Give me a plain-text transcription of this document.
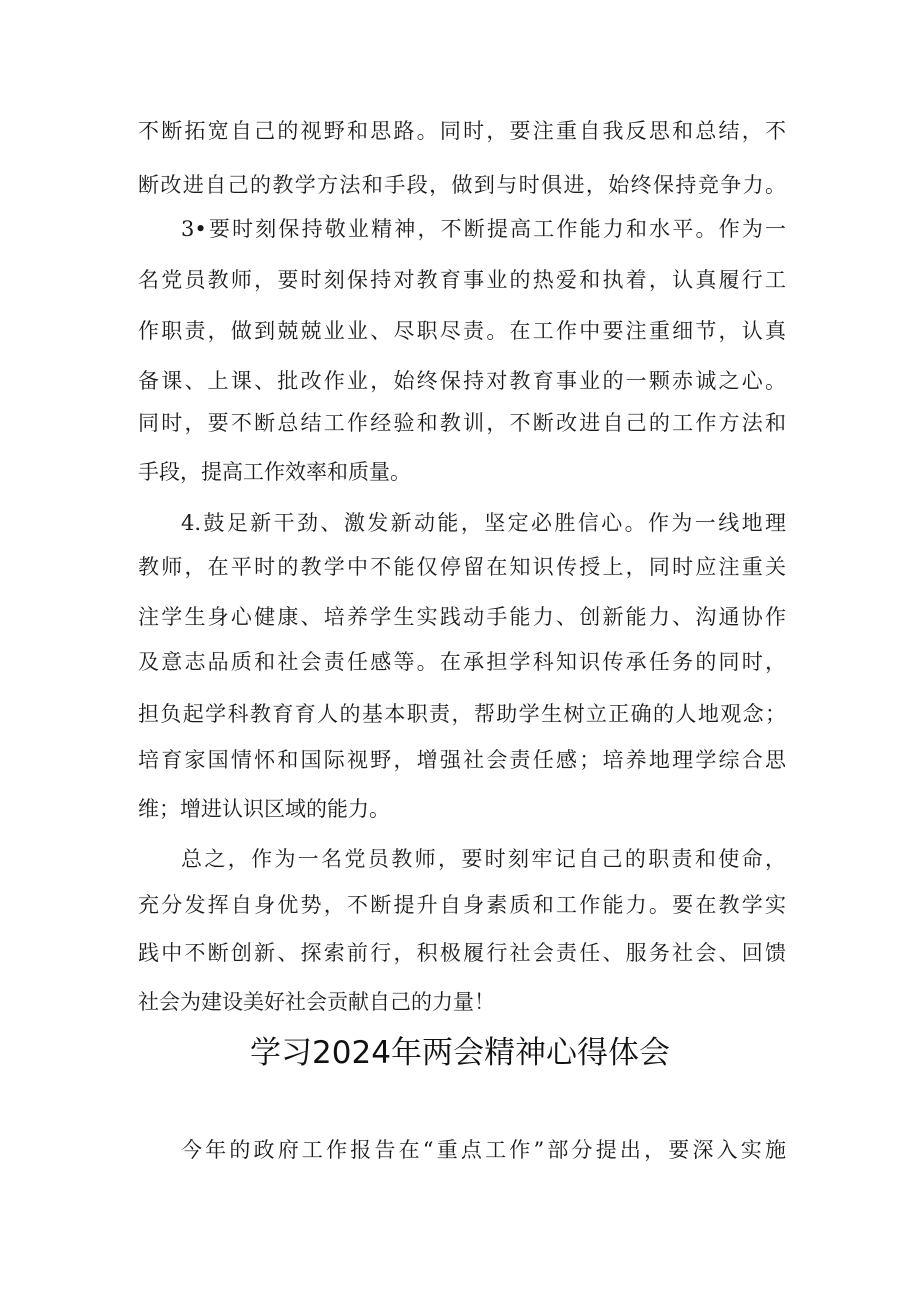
不断拓宽自己的视野和思路。同时，要注重自我反思和总结，不
断改进自己的教学方法和手段，做到与时俱进，始终保持竞争力。
3•要时刻保持敬业精神，不断提高工作能力和水平。作为一
名党员教师，要时刻保持对教育事业的热爱和执着，认真履行工
作职责，做到兢兢业业、尽职尽责。在工作中要注重细节，认真
备课、上课、批改作业，始终保持对教育事业的一颗赤诚之心。
同时，要不断总结工作经验和教训，不断改进自己的工作方法和
手段，提高工作效率和质量。
4.鼓足新干劲、激发新动能，坚定必胜信心。作为一线地理
教师，在平时的教学中不能仅停留在知识传授上，同时应注重关
注学生身心健康、培养学生实践动手能力、创新能力、沟通协作
及意志品质和社会责任感等。在承担学科知识传承任务的同时，
担负起学科教育育人的基本职责，帮助学生树立正确的人地观念；
培育家国情怀和国际视野，增强社会责任感；培养地理学综合思
维；增进认识区域的能力。
总之，作为一名党员教师，要时刻牢记自己的职责和使命，
充分发挥自身优势，不断提升自身素质和工作能力。要在教学实
践中不断创新、探索前行，积极履行社会责任、服务社会、回馈
社会为建设美好社会贡献自己的力量！
学习2024年两会精神心得体会
今年的政府工作报告在“重点工作”部分提出，要深入实施
